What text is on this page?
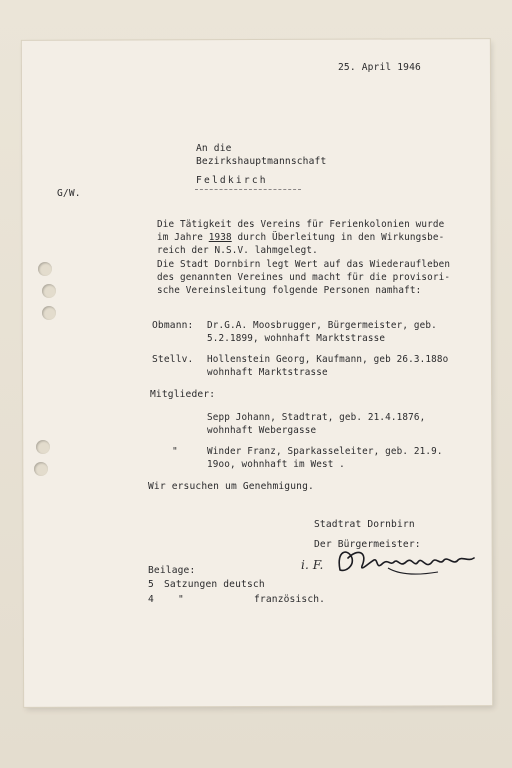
25. April 1946
An die
Bezirkshauptmannschaft
Feldkirch
G/W.
Die Tätigkeit des Vereins für Ferienkolonien wurde
im Jahre 1938 durch Überleitung in den Wirkungsbe-
reich der N.S.V. lahmgelegt.
Die Stadt Dornbirn legt Wert auf das Wiederaufleben
des genannten Vereines und macht für die provisori-
sche Vereinsleitung folgende Personen namhaft:
Obmann: Dr.G.A. Moosbrugger, Bürgermeister, geb.
5.2.1899, wohnhaft Marktstrasse
Stellv. Hollenstein Georg, Kaufmann, geb 26.3.188o
wohnhaft Marktstrasse
Mitglieder:
Sepp Johann, Stadtrat, geb. 21.4.1876,
wohnhaft Webergasse
"	Winder Franz, Sparkasseleiter, geb. 21.9.
19oo, wohnhaft im West .
Wir ersuchen um Genehmigung.
Stadtrat Dornbirn
Der Bürgermeister:
i. F.
Beilage:
5 Satzungen deutsch
4	"	französisch.
